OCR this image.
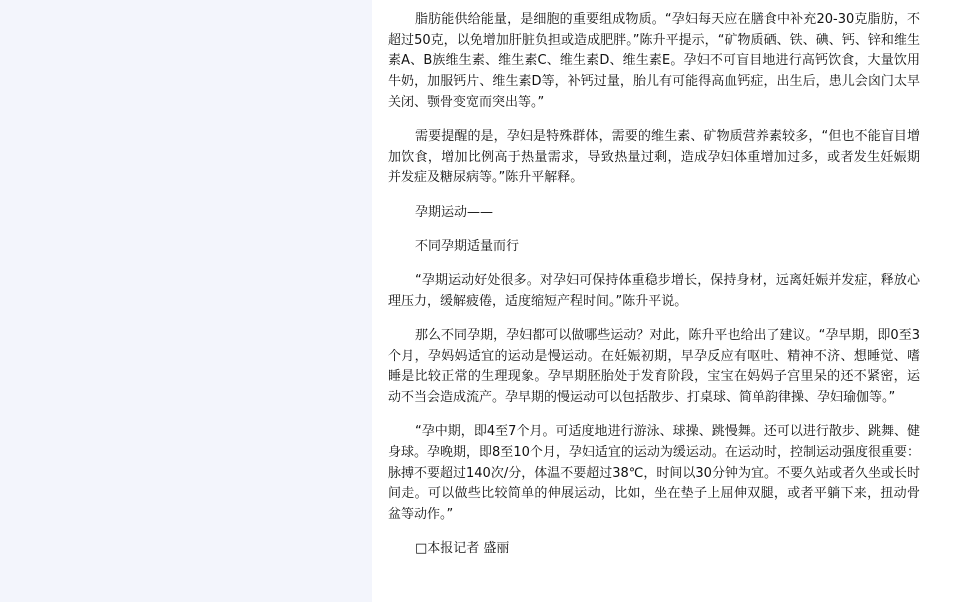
脂肪能供给能量，是细胞的重要组成物质。“孕妇每天应在膳食中补充20-30克脂肪，不超过50克，以免增加肝脏负担或造成肥胖。”陈升平提示，“矿物质硒、铁、碘、钙、锌和维生素A、B族维生素、维生素C、维生素D、维生素E。孕妇不可盲目地进行高钙饮食，大量饮用牛奶，加服钙片、维生素D等，补钙过量，胎儿有可能得高血钙症，出生后，患儿会囟门太早关闭、颚骨变宽而突出等。”

需要提醒的是，孕妇是特殊群体，需要的维生素、矿物质营养素较多，“但也不能盲目增加饮食，增加比例高于热量需求，导致热量过剩，造成孕妇体重增加过多，或者发生妊娠期并发症及糖尿病等。”陈升平解释。

孕期运动——

不同孕期适量而行

“孕期运动好处很多。对孕妇可保持体重稳步增长，保持身材，远离妊娠并发症，释放心理压力，缓解疲倦，适度缩短产程时间。”陈升平说。

那么不同孕期，孕妇都可以做哪些运动？对此，陈升平也给出了建议。“孕早期，即0至3个月，孕妈妈适宜的运动是慢运动。在妊娠初期，早孕反应有呕吐、精神不济、想睡觉、嗜睡是比较正常的生理现象。孕早期胚胎处于发育阶段，宝宝在妈妈子宫里呆的还不紧密，运动不当会造成流产。孕早期的慢运动可以包括散步、打桌球、简单韵律操、孕妇瑜伽等。”

“孕中期，即4至7个月。可适度地进行游泳、球操、跳慢舞。还可以进行散步、跳舞、健身球。孕晚期，即8至10个月，孕妇适宜的运动为缓运动。在运动时，控制运动强度很重要：脉搏不要超过140次/分，体温不要超过38℃，时间以30分钟为宜。不要久站或者久坐或长时间走。可以做些比较简单的伸展运动，比如，坐在垫子上屈伸双腿，或者平躺下来，扭动骨盆等动作。”

□本报记者 盛丽
